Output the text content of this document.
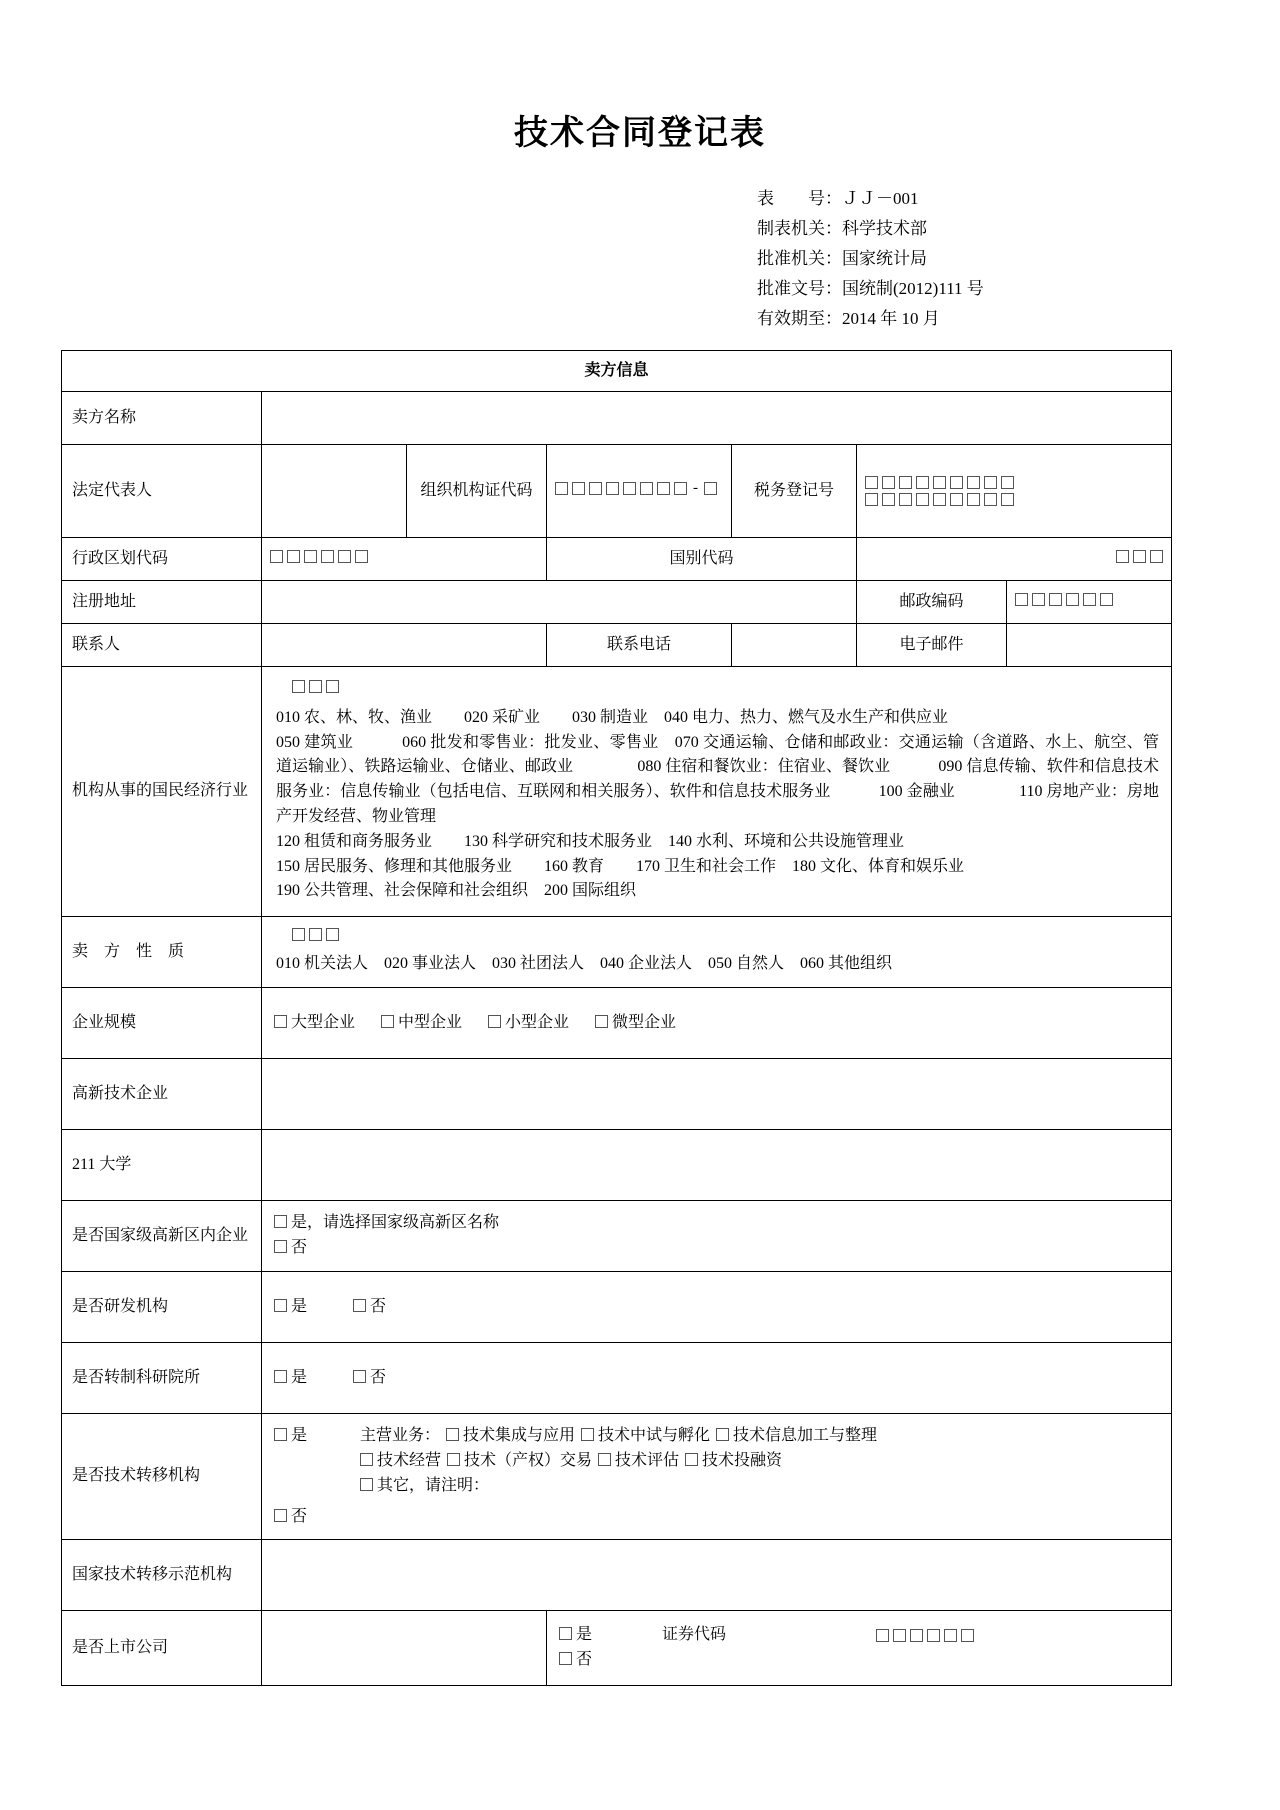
技术合同登记表
表　　号：ＪＪ－001
制表机关：科学技术部
批准机关：国家统计局
批准文号：国统制(2012)111 号
有效期至：2014 年 10 月
卖方信息						
卖方名称						
法定代表人		组织机构证代码	-	税务登记号		

行政区划代码			国别代码			

注册地址					邮政编码	

联系人			联系电话		电子邮件	
机构从事的国民经济行业	010 农、林、牧、渔业　　020 采矿业　　030 制造业　040 电力、热力、燃气及水生产和供应业

050 建筑业　　　060 批发和零售业：批发业、零售业　070 交通运输、仓储和邮政业：交通运输（含道路、水上、航空、管道运输业）、铁路运输业、仓储业、邮政业　　　　080 住宿和餐饮业：住宿业、餐饮业　　　090 信息传输、软件和信息技术服务业：信息传输业（包括电信、互联网和相关服务）、软件和信息技术服务业　　　100 金融业　　　　110 房地产业：房地产开发经营、物业管理

120 租赁和商务服务业　　130 科学研究和技术服务业　140 水利、环境和公共设施管理业

150 居民服务、修理和其他服务业　　160 教育　　170 卫生和社会工作　180 文化、体育和娱乐业

190 公共管理、社会保障和社会组织　200 国际组织					

卖　方　性　质	010 机关法人　020 事业法人　030 社团法人　040 企业法人　050 自然人　060 其他组织					

企业规模	大型企业 中型企业 小型企业 微型企业					
高新技术企业						
211 大学						
是否国家级高新区内企业	是，请选择国家级高新区名称
否					

是否研发机构	是 否					
是否转制科研院所	是 否					
是否技术转移机构	是 主营业务： 技术集成与应用 技术中试与孵化 技术信息加工与整理
技术经营 技术（产权）交易 技术评估 技术投融资
其它，请注明：
否					

国家技术转移示范机构						
是否上市公司			是 证券代码
否			
